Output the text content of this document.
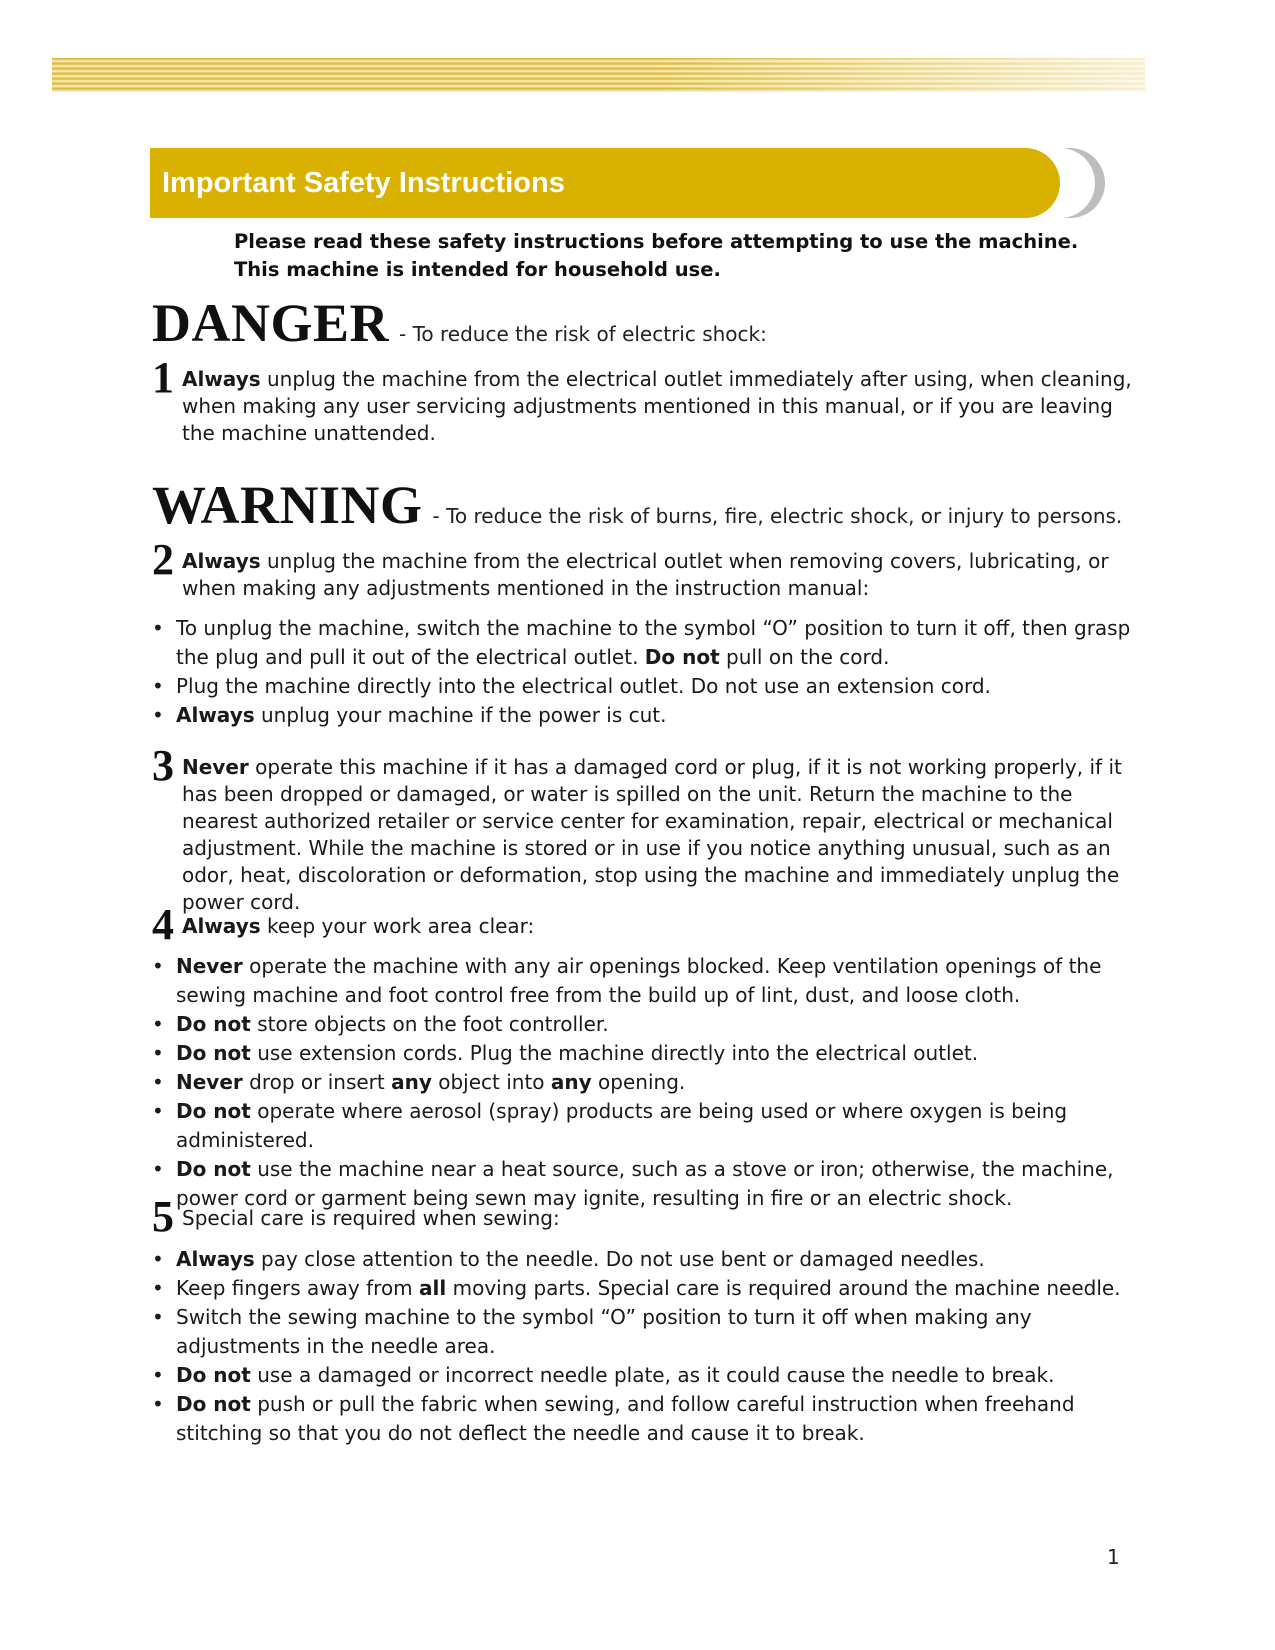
Important Safety Instructions
Please read these safety instructions before attempting to use the machine.
This machine is intended for household use.
DANGER - To reduce the risk of electric shock:
1 Always unplug the machine from the electrical outlet immediately after using, when cleaning, when making any user servicing adjustments mentioned in this manual, or if you are leaving the machine unattended.
WARNING - To reduce the risk of burns, fire, electric shock, or injury to persons.
2 Always unplug the machine from the electrical outlet when removing covers, lubricating, or when making any adjustments mentioned in the instruction manual:
• To unplug the machine, switch the machine to the symbol “O” position to turn it off, then grasp the plug and pull it out of the electrical outlet. Do not pull on the cord.
• Plug the machine directly into the electrical outlet. Do not use an extension cord.
• Always unplug your machine if the power is cut.
3 Never operate this machine if it has a damaged cord or plug, if it is not working properly, if it has been dropped or damaged, or water is spilled on the unit. Return the machine to the nearest authorized retailer or service center for examination, repair, electrical or mechanical adjustment. While the machine is stored or in use if you notice anything unusual, such as an odor, heat, discoloration or deformation, stop using the machine and immediately unplug the power cord.
4 Always keep your work area clear:
• Never operate the machine with any air openings blocked. Keep ventilation openings of the sewing machine and foot control free from the build up of lint, dust, and loose cloth.
• Do not store objects on the foot controller.
• Do not use extension cords. Plug the machine directly into the electrical outlet.
• Never drop or insert any object into any opening.
• Do not operate where aerosol (spray) products are being used or where oxygen is being administered.
• Do not use the machine near a heat source, such as a stove or iron; otherwise, the machine, power cord or garment being sewn may ignite, resulting in fire or an electric shock.
5 Special care is required when sewing:
• Always pay close attention to the needle. Do not use bent or damaged needles.
• Keep fingers away from all moving parts. Special care is required around the machine needle.
• Switch the sewing machine to the symbol “O” position to turn it off when making any adjustments in the needle area.
• Do not use a damaged or incorrect needle plate, as it could cause the needle to break.
• Do not push or pull the fabric when sewing, and follow careful instruction when freehand stitching so that you do not deflect the needle and cause it to break.
1
